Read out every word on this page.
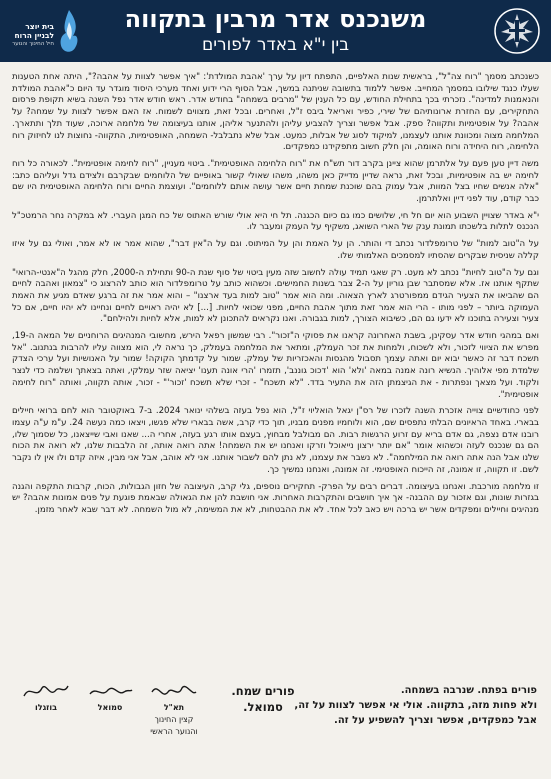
משנכנס אדר מרבין בתקווה
בין י"א באדר לפורים
בית יוצר
לבניין הרוח
חיל החינוך והנוער

כשנכתב מסמך "רוח צה"ל", בראשית שנות האלפיים, התפתח דיון על ערך 'אהבת המולדת': "איך אפשר לצוות על אהבה?", היתה אחת הטענות שעלו כנגד שילובו במסמך המחייב. אפשר ללמוד בתשובה שניתנה במשך, אבל הסוף הרי ידוע ואחד מערכי היסוד מוגדר עד היום כ"אהבת המולדת והנאמנות למדינה". נזכרתי בכך בתחילת החודש, עם כל הענין של "מרבים בשמחה" בחודש אדר. ראש חודש אדר נפל השנה בשיא תקופת פרסום התחקירים, עם החזרת ארונותיהם של שירי, כפיר ואריאל ביבס ז"ל, ואחרים. ובכל זאת, מצווים לשמוח. אז האם אפשר לצוות על שמחה? על אהבה? על אופטימיות ותקווה? ספק. אבל אפשר וצריך להצביע עליהן ולהתנער אליהן, אותנו בעיצומה של מלחמה ארוכה, שעוד תלך ותתארך. המלחמה מצוה ומכוונת אותנו לעצמנו, למיקוד לסוג של אבלות, כמעט. אבל שלא נתבלבל- השמחה, האופטימיות, התקווה- נחוצות לנו לחיזוק רוח הלחימה, רוח היחידה ורוח האומה, והן חלק חשוב מתפקידנו כמפקדים.

משה דיין טען פעם על אלתרמן שהוא ציינן בקרב דור תש"ח את "רוח הלחימה האופטימית". ביטוי מעניין, "רוח לחימה אופטימית". לכאורה כל רוח לחימה יש בה אופטימיות, ובכל זאת, נראה שדיין מדייק כאן משהו, משהו שאולי קשור באופיים של הלוחמים שבקרבם ולצידם גדל ועליהם כתב: "אלה אנשים שחיו בצל המוות, אבל עמוק בהם שוכנת שמחת חיים אשר עושה אותם ללוחמים". ועוצמת החיים ורוח הלחימה האופטימית היו שם כבר קודם, עוד לפני דיין ואלתרמן.

י"א באדר שצויין השבוע הוא יום חל חי, שלושים כמו גם כיום הכגנה. תל חי היא אולי שורש האתוס של כח המגן העברי. לא במקרה נחר הרמטכ"ל הנכנס לתלות בלשכתו תמונת ענק של הארי השואג, משקיף על העמק ומעבר לו.

על ה"טוב למות" של טרומפלדור נכתב די והותר. הן על האמת והן על המיתוס. וגם על ה"אין דבר", שהוא אמר או לא אמר, ואולי גם על איזו קללה שניסית שבקרים שהסתיו למסמכים האלמותי שלו.

וגם על ה"טוב לחיות" נכתב לא מעט. רק שאגי תמיד עולה לחשוב שזה מעין ביטוי של סוף שנת ה-90 ותחילת ה-2000, חלק מהגל ה"אנטי-הרואי" שתקף אותנו אז. אלא שמסתבר שבן גוריון על ה-2 צבר בשנות החמישים. וכשהוא כותב על טרומפלדור הוא כותב להרצוג כי "צמאון ואהבה לחיים הם שהביאו את הצעיר הגידם ממפורטרג לארץ הצאוה. ומה הוא אמר "טוב למות בעד ארצנו" – והוא אמר את זה ברגע שאדם מגיע את האמת העמוקה ביותר – לפני מותו - הרי הוא אמר זאת מתוך אהבת החיים, מפני שכואי לחיות. [...] לא יהיה ראויים לחיים ונחיינו לא יהיו חיים, אם כל צעיר וצעירה בתוכנו לא ידעו גם הם, כשיבוא הצורך, למות בגבורה. ואנו נקראים להתכונן לא למות, אלא לחיות ולהילחם".

ואם במהגי חודש אדר עסקינן, בשבת האחרונה קראנו את פסוקי ה"זכור". רבי שמשון רפאל הירש, מחשובי המנהיגים הרוחניים של המאה ה-19, מפרש את הציווי לזכור, ולא לשכוח, ולמחות את זכר העמלק, ומתאר את המלחמה בעמלק, כך נראה לי, הוא מצווה עליו להרבות בנתנוב. "אל תשכח דבר זה כאשר יבוא יום ואתה עצמך תסבול מהגסות והאכזריות של עמלק. שמור על קדמתך הקוקה! שמור על האנושיות ועל ערכי הצדק שלמדת מפי אלוהיך. הנשיא רונה אמנה במאה 'ולא' הוא 'דכוכ גוננב', תזמרו 'הרי אונה תענו' יציאה שזר עמלקי, ואתה בצאתך ושלמה כדי לנצר ולקוד. ועל מצאך ונפתרות - את הגיצמתן הזה את התעיר בדד. "לא תשכח" - זכרי שלא תשכח 'זכור'" - זכור, אותה תקווה, ואותה "רוח לחימה אופטימית".

לפני כחודשיים צוייה אזכרת השנה לזכרו של רס"ן יגאל הואליוי ז"ל, הוא נפל בעזה בשלהי ינואר 2024. ב-7 באוקטובר הוא לחם ברואי חיילים בבארי. באחד הראיונים הבלתי נתפסים שם, הוא ולוחמיו מפנים מבניו, תוך כדי קרב, אשה בבארי שלא פגשו, ויצאו כמה נעשה 24. ע"מ ע"ה עצמו רובנו אדם נצפה, גם אדם בריא עם זרוע הרגשות רבות. הם מבולבל מבחוץ, בעצם אותו רגע בעזה, אחרי ה... שאנו ואבי שייצאנו, כל שסמוך שלו, הם גם שנכנס לעזה וכשהוא אומר "אם יותר ירצון נייאוכל וזרקו ואנחנו יש את השמחה! אתה רואה אותה, זה הלבבות שלנו, לא רואה את הכוח שלנו אבל הנה אתה רואה את המילחמה". לא נשבר את עצמנו, לא נתן להם לשבור אותנו. אני לא אוהב, אבל אני מבין, איזה קדם ולו אין לו נקבר לשם. זו תקווה, זו אמונה, זה הייכוח האופטימי. זה אמונה, ואנחנו נמשיך כך.

זו מלחמה מורכבת. ואנחנו בעיצומה. דברים רבים על הפרק- תחקירים נוספים, גלי קרב, העיצובה של חזון הגבולות, הכוח, קרבות התקפה והגנה בגזרות שונות, וגם אזכור עם ההבנה- אך איך חושבים והתקרבות האחרות. אני חושבת להן את הגאולה שבאמת פוגעת על פנים אמונות אהבה? יש מנהיגים וחיילים ומפקדים אשר יש ברכה ויש כאב לכל אחד. לא את ההבטחות, לא את המשימה, לא מול השמחה. לא דבר שבא לאחר מזמן.

פורים בפתח. שנרבה בשמחה.
ולא פחות מזה, בתקווה. אולי אי אפשר לצוות על זה,
אבל כמפקדים, אפשר וצריך להשפיע על זה.
פורים שמח.
סמואל.
בוזגלו	סמואל	תא"ל
קצין החינוך והנוער הראשי
